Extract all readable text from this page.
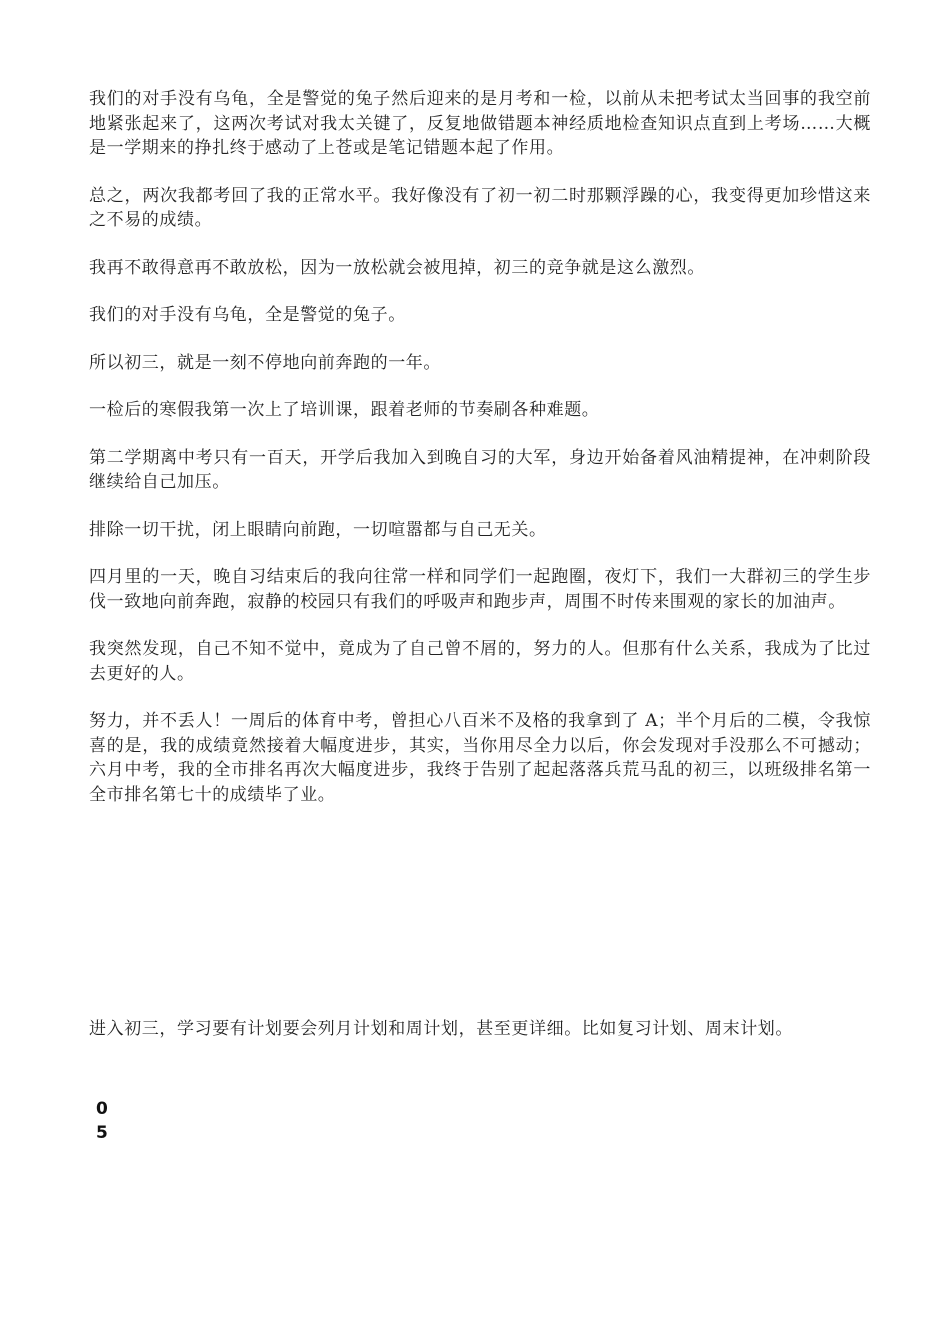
我们的对手没有乌龟，全是警觉的兔子然后迎来的是月考和一检，以前从未把考试太当回事的我空前地紧张起来了，这两次考试对我太关键了，反复地做错题本神经质地检查知识点直到上考场……大概是一学期来的挣扎终于感动了上苍或是笔记错题本起了作用。

总之，两次我都考回了我的正常水平。我好像没有了初一初二时那颗浮躁的心，我变得更加珍惜这来之不易的成绩。

我再不敢得意再不敢放松，因为一放松就会被甩掉，初三的竞争就是这么激烈。

我们的对手没有乌龟，全是警觉的兔子。

所以初三，就是一刻不停地向前奔跑的一年。

一检后的寒假我第一次上了培训课，跟着老师的节奏刷各种难题。

第二学期离中考只有一百天，开学后我加入到晚自习的大军，身边开始备着风油精提神，在冲刺阶段继续给自己加压。

排除一切干扰，闭上眼睛向前跑，一切喧嚣都与自己无关。

四月里的一天，晚自习结束后的我向往常一样和同学们一起跑圈，夜灯下，我们一大群初三的学生步伐一致地向前奔跑，寂静的校园只有我们的呼吸声和跑步声，周围不时传来围观的家长的加油声。

我突然发现，自己不知不觉中，竟成为了自己曾不屑的，努力的人。但那有什么关系，我成为了比过去更好的人。

努力，并不丢人！一周后的体育中考，曾担心八百米不及格的我拿到了 A；半个月后的二模，令我惊喜的是，我的成绩竟然接着大幅度进步，其实，当你用尽全力以后，你会发现对手没那么不可撼动；六月中考，我的全市排名再次大幅度进步，我终于告别了起起落落兵荒马乱的初三，以班级排名第一全市排名第七十的成绩毕了业。

进入初三，学习要有计划要会列月计划和周计划，甚至更详细。比如复习计划、周末计划。

0
5
